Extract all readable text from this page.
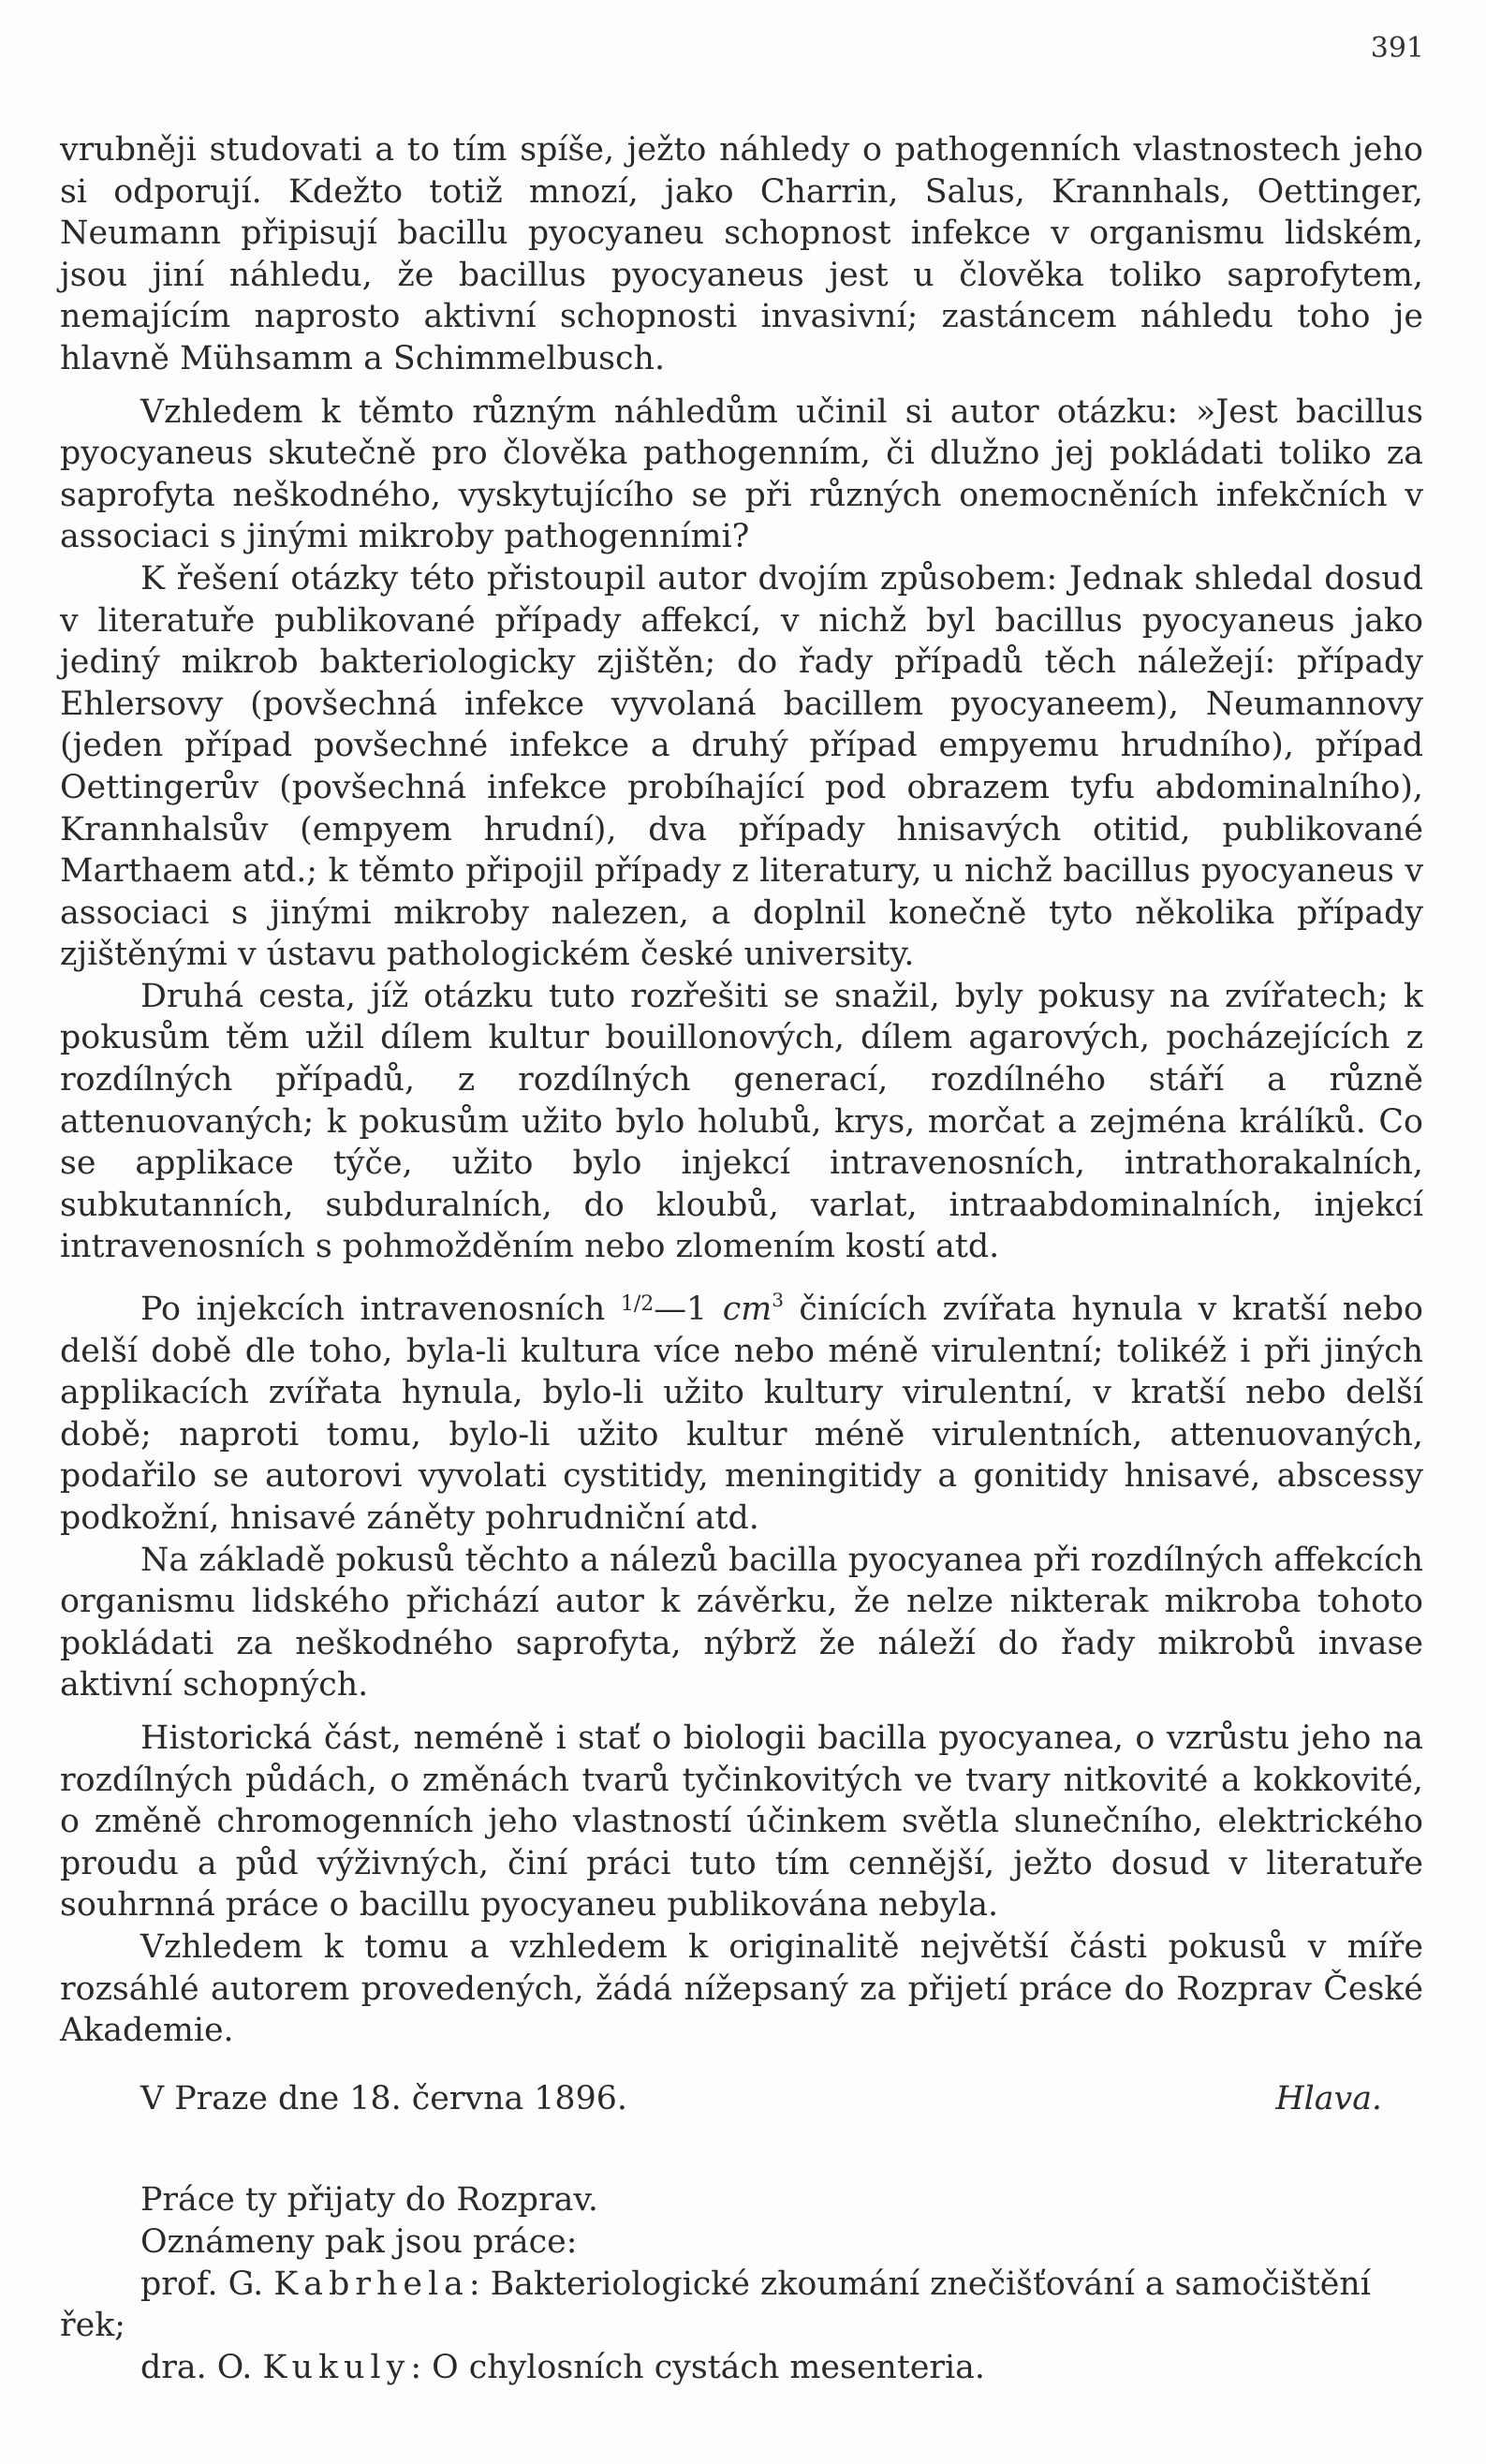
391

vrubněji studovati a to tím spíše, ježto náhledy o pathogenních vlastnostech jeho si odporují. Kdežto totiž mnozí, jako Charrin, Salus, Krannhals, Oettinger, Neumann připisují bacillu pyocyaneu schopnost infekce v organismu lidském, jsou jiní náhledu, že bacillus pyocyaneus jest u člověka toliko saprofytem, nemajícím naprosto aktivní schopnosti invasivní; zastáncem náhledu toho je hlavně Mühsamm a Schimmelbusch.

Vzhledem k těmto různým náhledům učinil si autor otázku: »Jest bacillus pyocyaneus skutečně pro člověka pathogenním, či dlužno jej pokládati toliko za saprofyta neškodného, vyskytujícího se při různých onemocněních infekčních v associaci s jinými mikroby pathogenními?

K řešení otázky této přistoupil autor dvojím způsobem: Jednak shledal dosud v literatuře publikované případy affekcí, v nichž byl bacillus pyocyaneus jako jediný mikrob bakteriologicky zjištěn; do řady případů těch náležejí: případy Ehlersovy (povšechná infekce vyvolaná bacillem pyocyaneem), Neumannovy (jeden případ povšechné infekce a druhý případ empyemu hrudního), případ Oettingerův (povšechná infekce probíhající pod obrazem tyfu abdominalního), Krannhalsův (empyem hrudní), dva případy hnisavých otitid, publikované Marthaem atd.; k těmto připojil případy z literatury, u nichž bacillus pyocyaneus v associaci s jinými mikroby nalezen, a doplnil konečně tyto několika případy zjištěnými v ústavu pathologickém české university.

Druhá cesta, jíž otázku tuto rozřešiti se snažil, byly pokusy na zvířatech; k pokusům těm užil dílem kultur bouillonových, dílem agarových, pocházejících z rozdílných případů, z rozdílných generací, rozdílného stáří a různě attenuovaných; k pokusům užito bylo holubů, krys, morčat a zejména králíků. Co se applikace týče, užito bylo injekcí intravenosních, intrathorakalních, subkutanních, subduralních, do kloubů, varlat, intraabdominalních, injekcí intravenosních s pohmožděním nebo zlomením kostí atd.

Po injekcích intravenosních $^{1/2}$—1 $cm^3$ činících zvířata hynula v kratší nebo delší době dle toho, byla-li kultura více nebo méně virulentní; tolikéž i při jiných applikacích zvířata hynula, bylo-li užito kultury virulentní, v kratší nebo delší době; naproti tomu, bylo-li užito kultur méně virulentních, attenuovaných, podařilo se autorovi vyvolati cystitidy, meningitidy a gonitidy hnisavé, abscessy podkožní, hnisavé záněty pohrudniční atd.

Na základě pokusů těchto a nálezů bacilla pyocyanea při rozdílných affekcích organismu lidského přichází autor k závěrku, že nelze nikterak mikroba tohoto pokládati za neškodného saprofyta, nýbrž že náleží do řady mikrobů invase aktivní schopných.

Historická část, neméně i stať o biologii bacilla pyocyanea, o vzrůstu jeho na rozdílných půdách, o změnách tvarů tyčinkovitých ve tvary nitkovité a kokkovité, o změně chromogenních jeho vlastností účinkem světla slunečního, elektrického proudu a půd výživných, činí práci tuto tím cennější, ježto dosud v literatuře souhrnná práce o bacillu pyocyaneu publikována nebyla.

Vzhledem k tomu a vzhledem k originalitě největší části pokusů v míře rozsáhlé autorem provedených, žádá nížepsaný za přijetí práce do Rozprav České Akademie.

V Praze dne 18. června 1896.	Hlava.

Práce ty přijaty do Rozprav.

Oznámeny pak jsou práce:

prof. G. Kabrhela: Bakteriologické zkoumání znečišťování a samočištění řek;

dra. O. Kukuly: O chylosních cystách mesenteria.
